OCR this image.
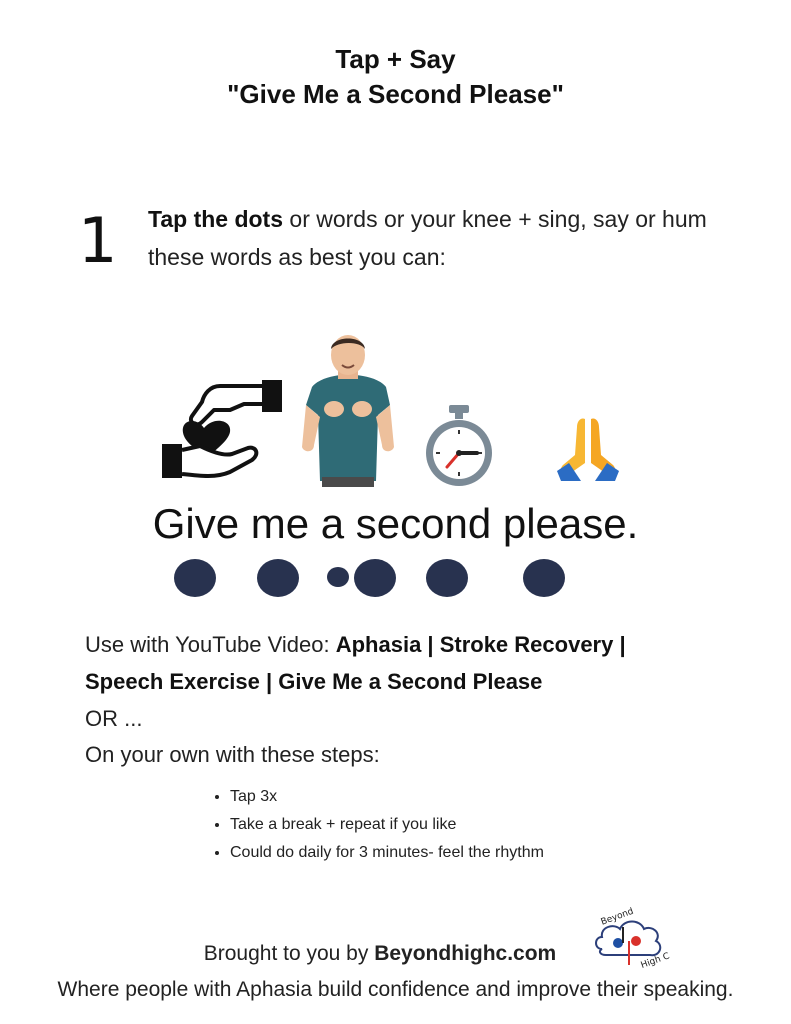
Tap + Say
"Give Me a Second Please"
1 Tap the dots or words or your knee + sing, say or hum these words as best you can:
Give me a second please.
Use with YouTube Video: Aphasia | Stroke Recovery |
Speech Exercise | Give Me a Second Please
OR ...
On your own with these steps:
• Tap 3x
• Take a break + repeat if you like
• Could do daily for 3 minutes- feel the rhythm
Beyond
High C
Brought to you by Beyondhighc.com
Where people with Aphasia build confidence and improve their speaking.
